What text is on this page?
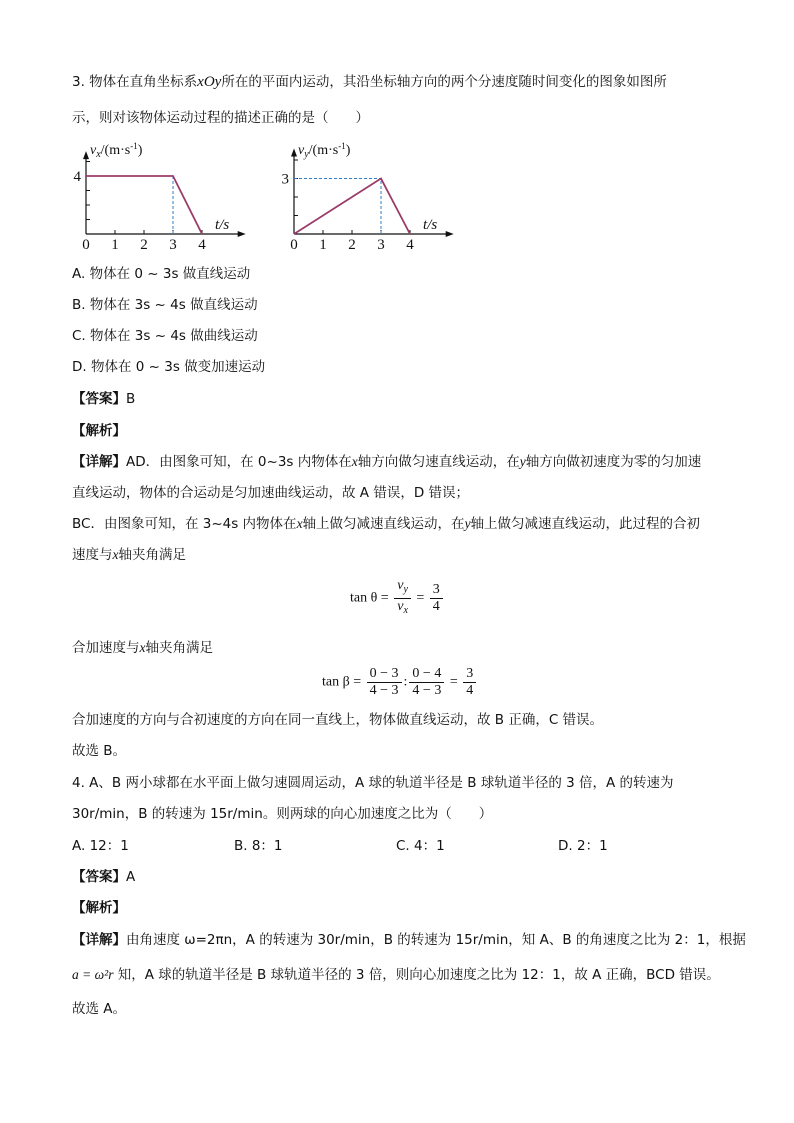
3. 物体在直角坐标系xOy所在的平面内运动，其沿坐标轴方向的两个分速度随时间变化的图象如图所
示，则对该物体运动过程的描述正确的是（　　）
0 1 2 3 4
4
$v_x/(m\cdot s^{-1})$
t/s
0 1 2 3 4
3
$v_y/(m\cdot s^{-1})$
t/s
A. 物体在 0 ~ 3s 做直线运动
B. 物体在 3s ~ 4s 做直线运动
C. 物体在 3s ~ 4s 做曲线运动
D. 物体在 0 ~ 3s 做变加速运动
【答案】B
【解析】
【详解】AD．由图象可知，在 0~3s 内物体在x轴方向做匀速直线运动，在y轴方向做初速度为零的匀加速
直线运动，物体的合运动是匀加速曲线运动，故 A 错误，D 错误；
BC．由图象可知，在 3~4s 内物体在x轴上做匀减速直线运动，在y轴上做匀减速直线运动，此过程的合初
速度与x轴夹角满足
$\tan \theta = \frac{v_y}{v_x} = \frac{3}{4}$
合加速度与x轴夹角满足
$\tan \beta = \frac{0 - 3}{4 - 3}$ : $\frac{0 - 4}{4 - 3} = \frac{3}{4}$
合加速度的方向与合初速度的方向在同一直线上，物体做直线运动，故 B 正确，C 错误。
故选 B。
4. A、B 两小球都在水平面上做匀速圆周运动，A 球的轨道半径是 B 球轨道半径的 3 倍，A 的转速为
30r/min，B 的转速为 15r/min。则两球的向心加速度之比为（　　）
A. 12：1	B. 8：1	C. 4：1	D. 2：1
【答案】A
【解析】
【详解】由角速度 ω=2πn，A 的转速为 30r/min，B 的转速为 15r/min，知 A、B 的角速度之比为 2：1，根据
a = ω²r 知，A 球的轨道半径是 B 球轨道半径的 3 倍，则向心加速度之比为 12：1，故 A 正确，BCD 错误。
故选 A。
